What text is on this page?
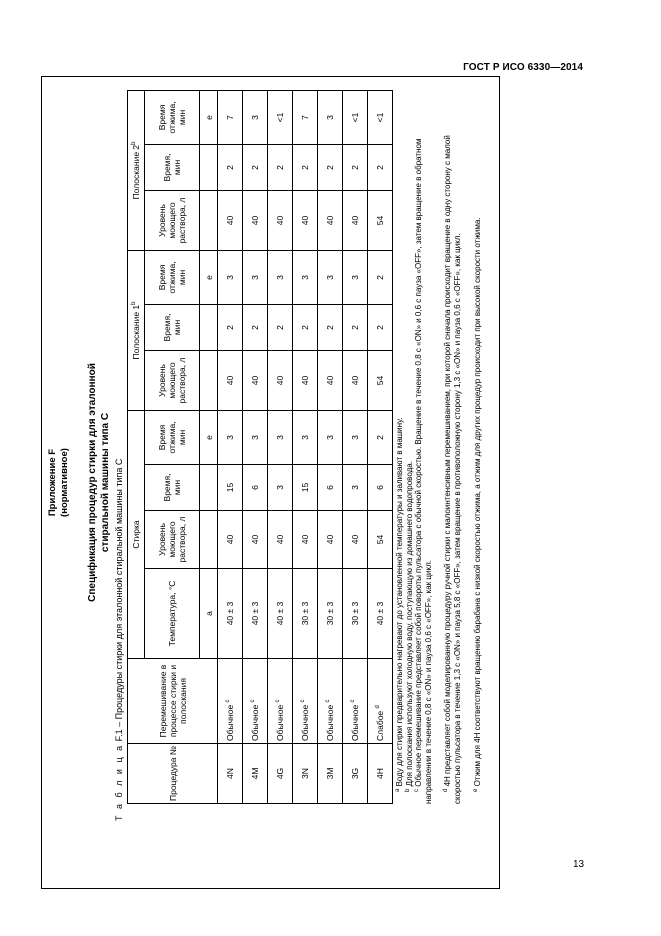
ГОСТ Р ИСО 6330—2014
Приложение F (нормативное) Спецификация процедур стирки для эталонной стиральной машины типа С
Т а б л и ц а F.1 – Процедуры стирки для эталонной стиральной машины типа С
Процедура №	Перемешивание в процессе стирки и полоскания	Стирка				Полоскание 1$^b$			Полоскание 2$^b$
		Температура, °С	Уровень моющего раствора, л	Время, мин	Время отжима, мин	Уровень моющего раствора, л	Время, мин	Время отжима, мин	Уровень моющего раствора, л	Время, мин	Время отжима, мин
		a			e			e			e
4N	Обычное $^c$	40 ± 3	40	15	3	40	2	3	40	2	7
4M	Обычное $^c$	40 ± 3	40	6	3	40	2	3	40	2	3
4G	Обычное $^c$	40 ± 3	40	3	3	40	2	3	40	2	<1
3N	Обычное $^c$	30 ± 3	40	15	3	40	2	3	40	2	7
3M	Обычное $^c$	30 ± 3	40	6	3	40	2	3	40	2	3
3G	Обычное $^c$	30 ± 3	40	3	3	40	2	3	40	2	<1
4H	Слабое $^d$	40 ± 3	54	6	2	54	2	2	54	2	<1

$^a$ Воду для стирки предварительно нагревают до установленной температуры и заливают в машину.

$^b$ Для полоскания используют холодную воду, поступающую из домашнего водопровода.

$^c$ Обычное перемешивание представляет собой повороты пульсатора с обычной скоростью. Вращение в течение 0,8 с «ON» и 0,6 с пауза «OFF», затем вращение в обратном направлении в течение 0,8 с «ON» и пауза 0,6 с «OFF», как цикл. $^d$ 4H представляет собой моделированную процедуру ручной стирки с малоинтенсивным перемешиванием, при которой сначала происходит вращение в одну сторону с малой скоростью пульсатора в течение 1,3 с «ON» и пауза 5,8 с «OFF», затем вращение в противоположную сторону 1,3 с «ON» и пауза 0,6 с «OFF», как цикл. $^e$ Отжим для 4H соответствуют вращению барабана с низкой скоростью отжима, а отжим для других процедур происходит при высокой скорости отжима.

13
